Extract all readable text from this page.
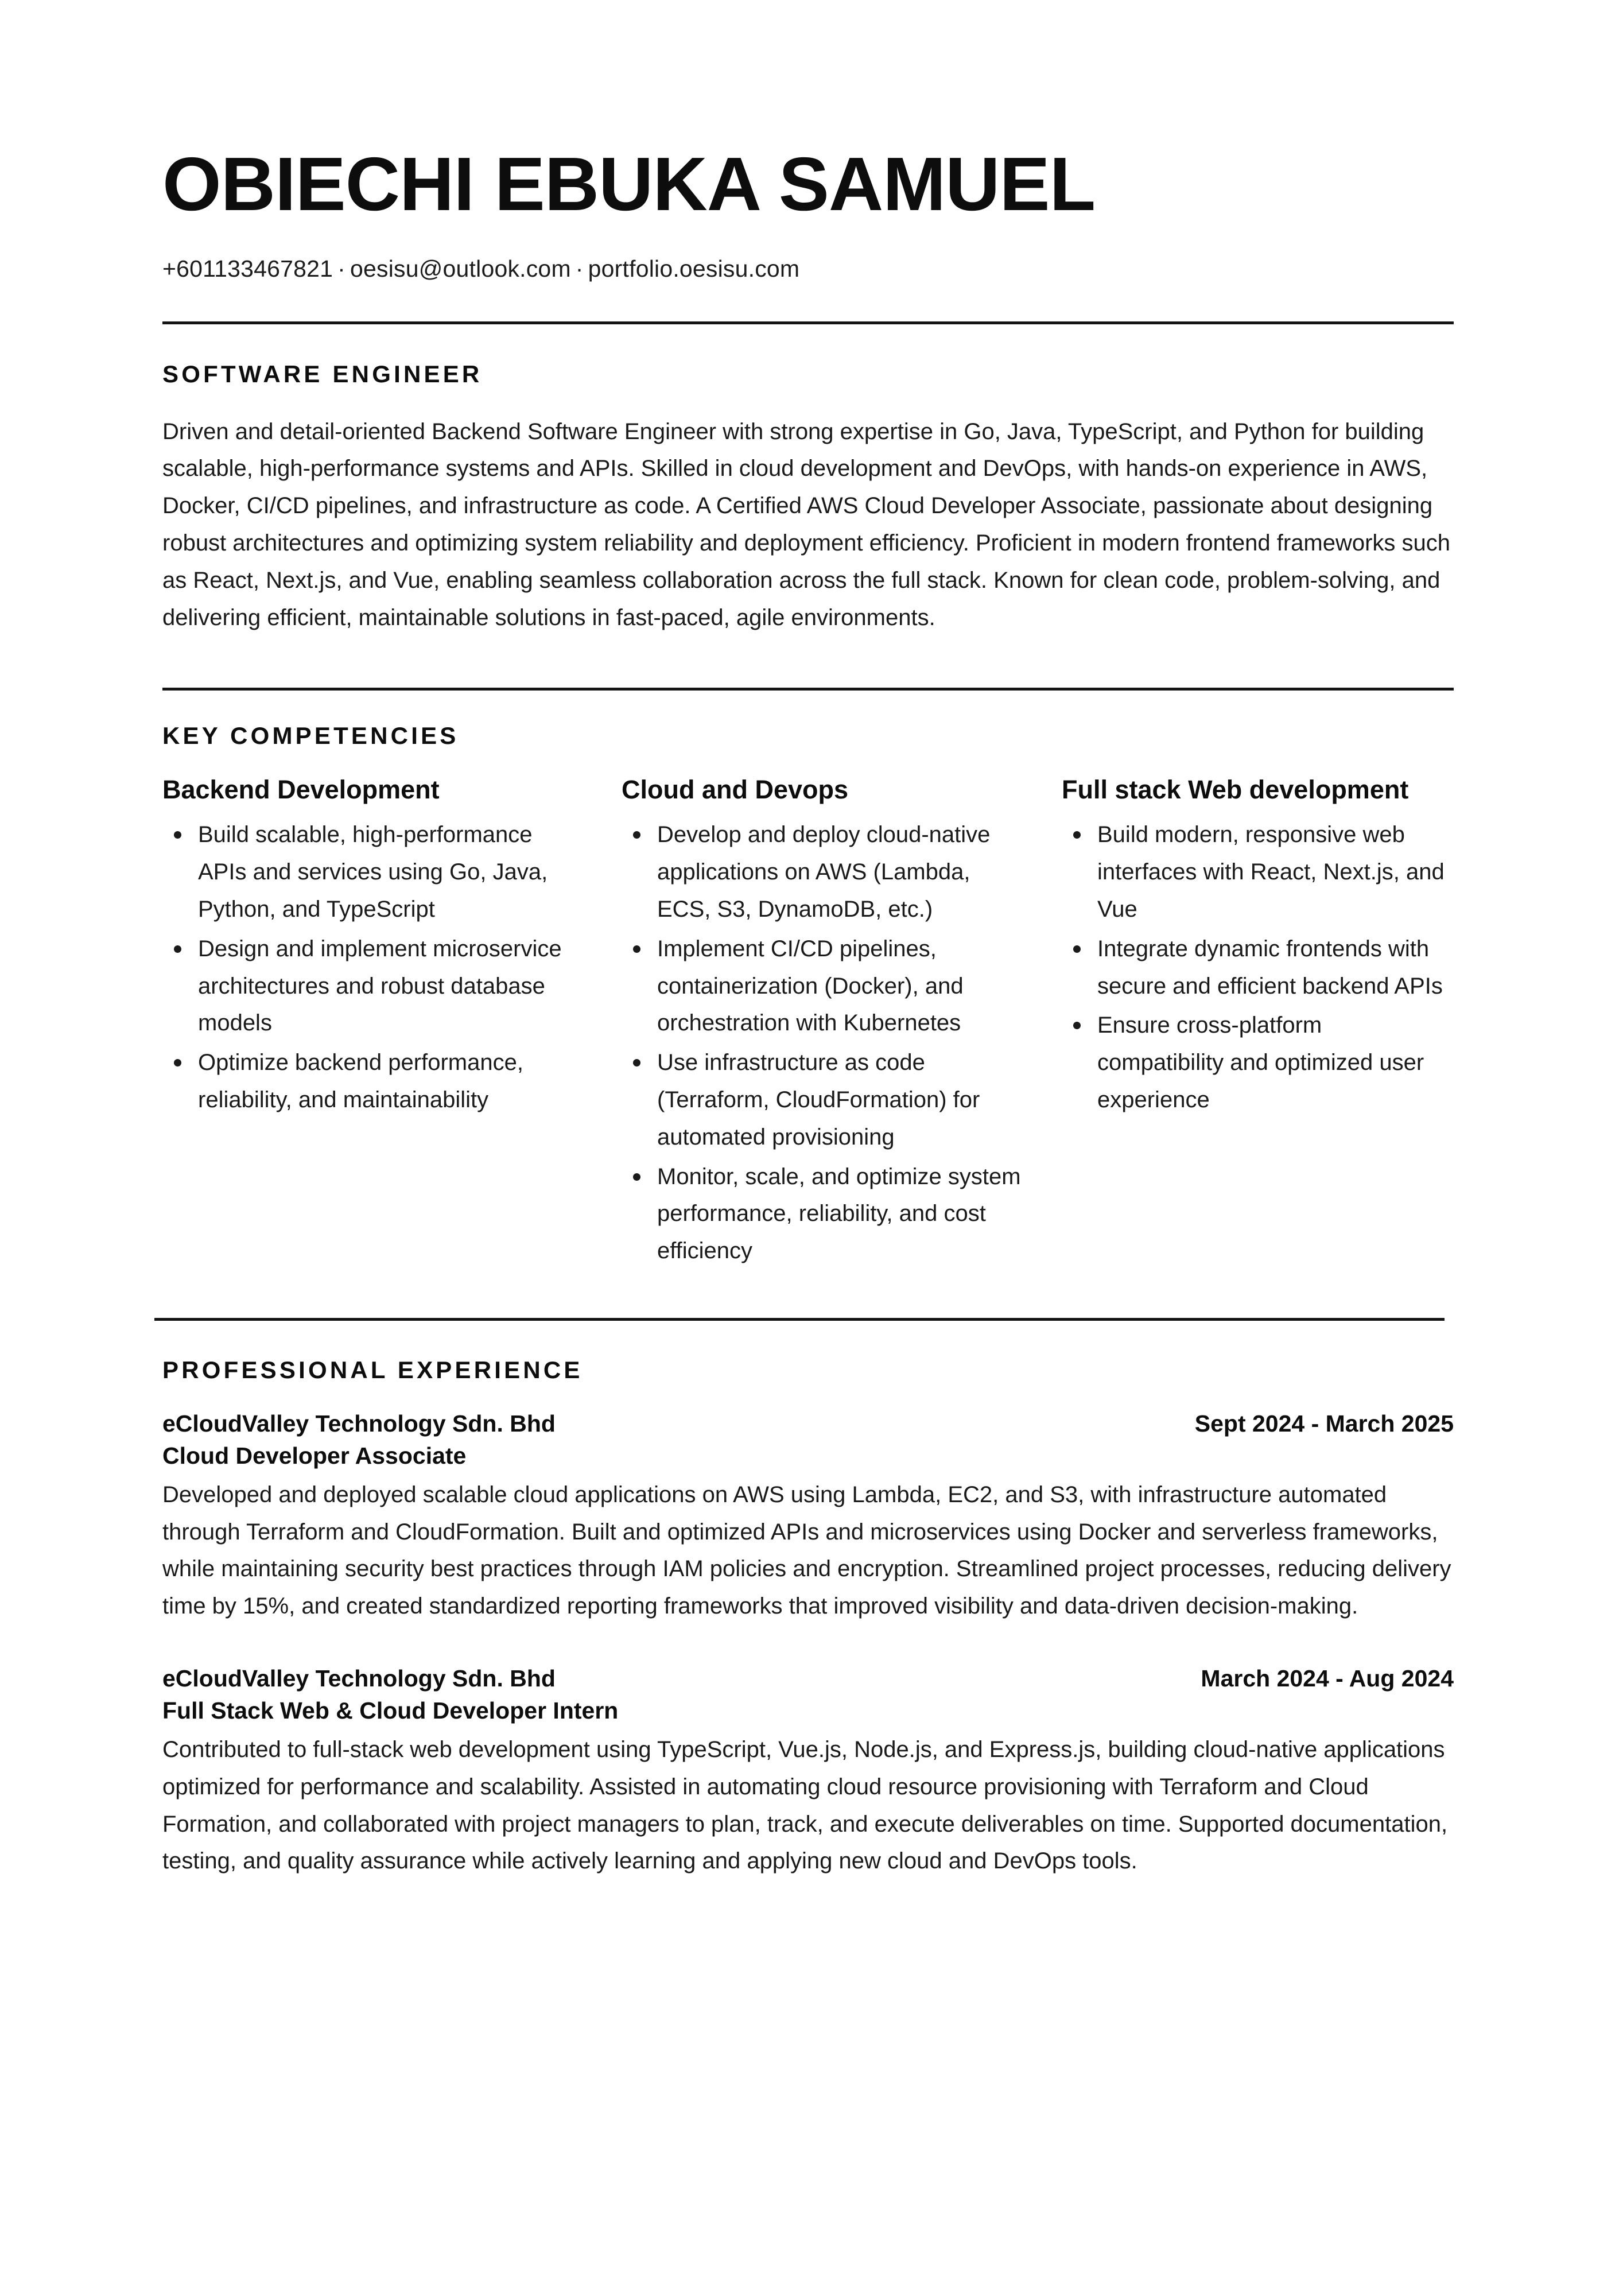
OBIECHI EBUKA SAMUEL
+601133467821 · oesisu@outlook.com · portfolio.oesisu.com
SOFTWARE ENGINEER

Driven and detail-oriented Backend Software Engineer with strong expertise in Go, Java, TypeScript, and Python for building scalable, high-performance systems and APIs. Skilled in cloud development and DevOps, with hands-on experience in AWS, Docker, CI/CD pipelines, and infrastructure as code. A Certified AWS Cloud Developer Associate, passionate about designing robust architectures and optimizing system reliability and deployment efficiency. Proficient in modern frontend frameworks such as React, Next.js, and Vue, enabling seamless collaboration across the full stack. Known for clean code, problem-solving, and delivering efficient, maintainable solutions in fast-paced, agile environments.

KEY COMPETENCIES
Backend Development
Build scalable, high-performance APIs and services using Go, Java, Python, and TypeScript
Design and implement microservice architectures and robust database models
Optimize backend performance, reliability, and maintainability
Cloud and Devops
Develop and deploy cloud-native applications on AWS (Lambda, ECS, S3, DynamoDB, etc.)
Implement CI/CD pipelines, containerization (Docker), and orchestration with Kubernetes
Use infrastructure as code (Terraform, CloudFormation) for automated provisioning
Monitor, scale, and optimize system performance, reliability, and cost efficiency
Full stack Web development
Build modern, responsive web interfaces with React, Next.js, and Vue
Integrate dynamic frontends with secure and efficient backend APIs
Ensure cross-platform compatibility and optimized user experience
PROFESSIONAL EXPERIENCE
eCloudValley Technology Sdn. Bhd	Sept 2024 - March 2025
Cloud Developer Associate

Developed and deployed scalable cloud applications on AWS using Lambda, EC2, and S3, with infrastructure automated through Terraform and CloudFormation. Built and optimized APIs and microservices using Docker and serverless frameworks, while maintaining security best practices through IAM policies and encryption. Streamlined project processes, reducing delivery time by 15%, and created standardized reporting frameworks that improved visibility and data-driven decision-making.

eCloudValley Technology Sdn. Bhd	March 2024 - Aug 2024
Full Stack Web & Cloud Developer Intern

Contributed to full-stack web development using TypeScript, Vue.js, Node.js, and Express.js, building cloud-native applications optimized for performance and scalability. Assisted in automating cloud resource provisioning with Terraform and Cloud Formation, and collaborated with project managers to plan, track, and execute deliverables on time. Supported documentation, testing, and quality assurance while actively learning and applying new cloud and DevOps tools.
